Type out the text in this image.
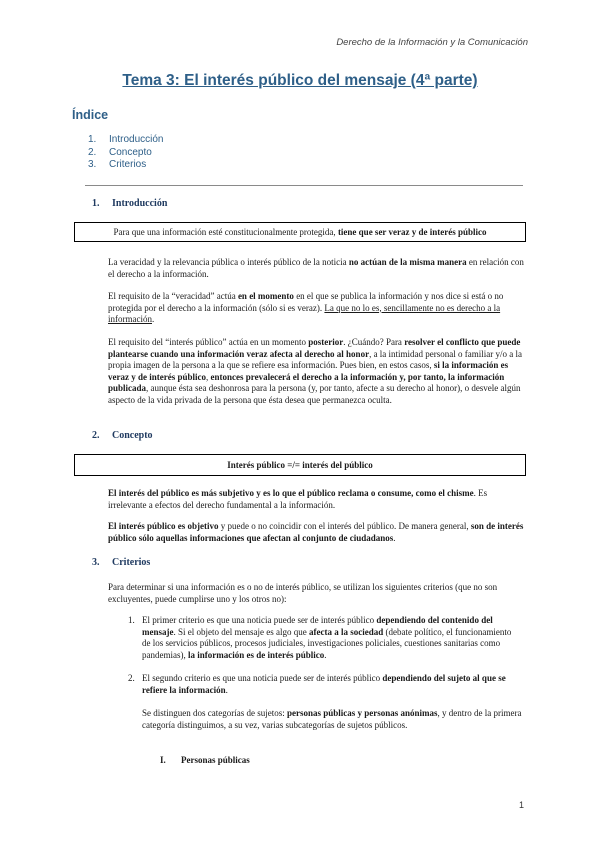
Derecho de la Información y la Comunicación
Tema 3: El interés público del mensaje (4ª parte)
Índice
1. Introducción
2. Concepto
3. Criterios
1. Introducción
Para que una información esté constitucionalmente protegida, tiene que ser veraz y de interés público

La veracidad y la relevancia pública o interés público de la noticia no actúan de la misma manera en relación con el derecho a la información.

El requisito de la “veracidad” actúa en el momento en el que se publica la información y nos dice si está o no protegida por el derecho a la información (sólo si es veraz). La que no lo es, sencillamente no es derecho a la información.

El requisito del “interés público” actúa en un momento posterior. ¿Cuándo? Para resolver el conflicto que puede plantearse cuando una información veraz afecta al derecho al honor, a la intimidad personal o familiar y/o a la propia imagen de la persona a la que se refiere esa información. Pues bien, en estos casos, si la información es veraz y de interés público, entonces prevalecerá el derecho a la información y, por tanto, la información publicada, aunque ésta sea deshonrosa para la persona (y, por tanto, afecte a su derecho al honor), o desvele algún aspecto de la vida privada de la persona que ésta desea que permanezca oculta.

2. Concepto
Interés público =/= interés del público

El interés del público es más subjetivo y es lo que el público reclama o consume, como el chisme. Es irrelevante a efectos del derecho fundamental a la información.

El interés público es objetivo y puede o no coincidir con el interés del público. De manera general, son de interés público sólo aquellas informaciones que afectan al conjunto de ciudadanos.

3. Criterios

Para determinar si una información es o no de interés público, se utilizan los siguientes criterios (que no son excluyentes, puede cumplirse uno y los otros no):

1. El primer criterio es que una noticia puede ser de interés público dependiendo del contenido del mensaje. Si el objeto del mensaje es algo que afecta a la sociedad (debate político, el funcionamiento de los servicios públicos, procesos judiciales, investigaciones policiales, cuestiones sanitarias como pandemias), la información es de interés público.

2. El segundo criterio es que una noticia puede ser de interés público dependiendo del sujeto al que se refiere la información.

Se distinguen dos categorías de sujetos: personas públicas y personas anónimas, y dentro de la primera categoría distinguimos, a su vez, varias subcategorías de sujetos públicos.

I. Personas públicas
1
